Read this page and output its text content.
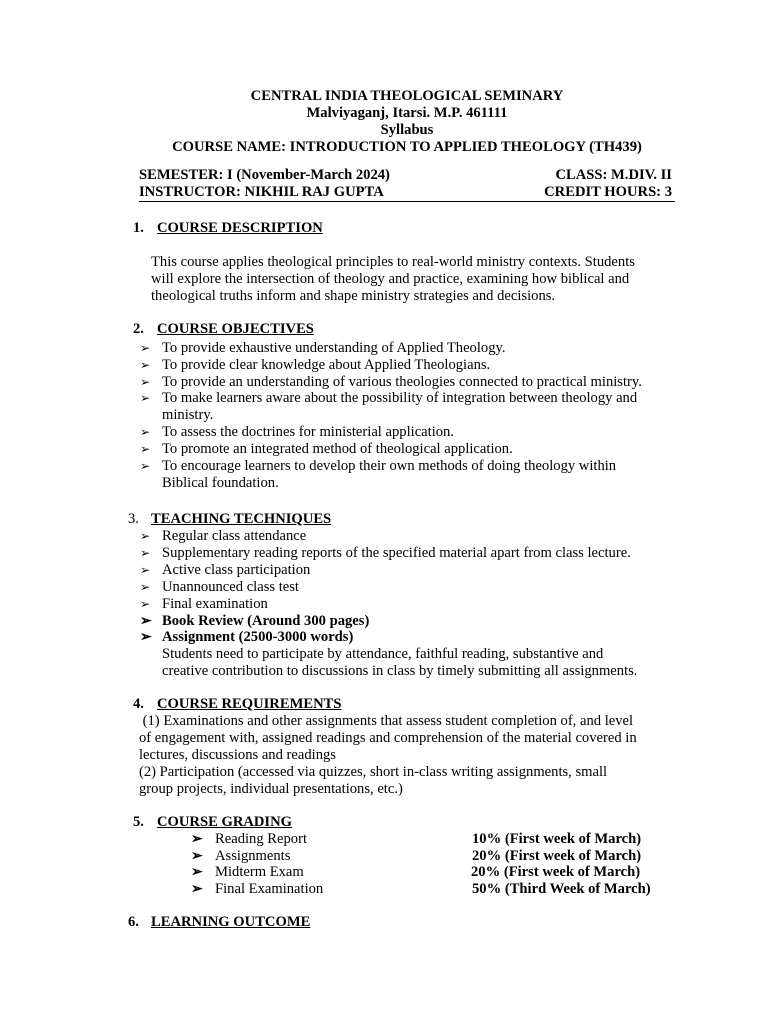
CENTRAL INDIA THEOLOGICAL SEMINARY
Malviyaganj, Itarsi. M.P. 461111
Syllabus
COURSE NAME: INTRODUCTION TO APPLIED THEOLOGY (TH439)
SEMESTER: I (November-March 2024)	CLASS: M.DIV. II
INSTRUCTOR: NIKHIL RAJ GUPTA	CREDIT HOURS: 3
1. COURSE DESCRIPTION
This course applies theological principles to real-world ministry contexts. Students
will explore the intersection of theology and practice, examining how biblical and
theological truths inform and shape ministry strategies and decisions.
2. COURSE OBJECTIVES
➢ To provide exhaustive understanding of Applied Theology.
➢ To provide clear knowledge about Applied Theologians.
➢ To provide an understanding of various theologies connected to practical ministry.
➢ To make learners aware about the possibility of integration between theology and
ministry.
➢ To assess the doctrines for ministerial application.
➢ To promote an integrated method of theological application.
➢ To encourage learners to develop their own methods of doing theology within
Biblical foundation.
3. TEACHING TECHNIQUES
➢ Regular class attendance
➢ Supplementary reading reports of the specified material apart from class lecture.
➢ Active class participation
➢ Unannounced class test
➢ Final examination
➢ Book Review (Around 300 pages)
➢ Assignment (2500-3000 words)
Students need to participate by attendance, faithful reading, substantive and
creative contribution to discussions in class by timely submitting all assignments.
4. COURSE REQUIREMENTS
(1) Examinations and other assignments that assess student completion of, and level
of engagement with, assigned readings and comprehension of the material covered in
lectures, discussions and readings
(2) Participation (accessed via quizzes, short in-class writing assignments, small
group projects, individual presentations, etc.)
5. COURSE GRADING
➢ Reading Report	10% (First week of March)
➢ Assignments	20% (First week of March)
➢ Midterm Exam	20% (First week of March)
➢ Final Examination	50% (Third Week of March)
6. LEARNING OUTCOME
